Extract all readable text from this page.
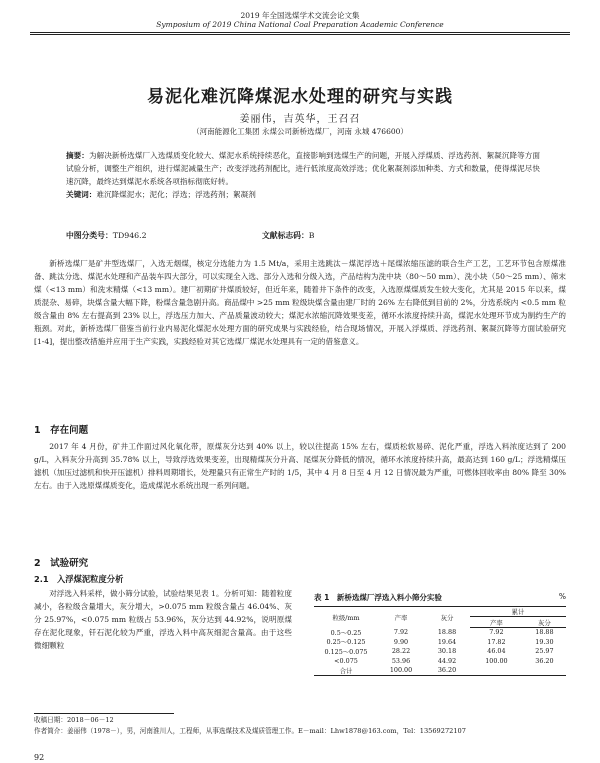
2019 年全国选煤学术交流会论文集
Symposium of 2019 China National Coal Preparation Academic Conference
易泥化难沉降煤泥水处理的研究与实践
姜丽伟，吉英华，王召召
（河南能源化工集团 永煤公司新桥选煤厂，河南 永城 476600）
摘要：为解决新桥选煤厂入选煤质变化较大、煤泥水系统持续恶化，直接影响到选煤生产的问题，开展入浮煤质、浮选药剂、絮凝沉降等方面试验分析，调整生产组织，进行煤泥减量生产；改变浮选药剂配比，进行低浓度高效浮选；优化絮凝剂添加种类、方式和数量，使得煤泥尽快速沉降，最终达到煤泥水系统各项指标彻底好转。
关键词：难沉降煤泥水；泥化；浮选；浮选药剂；絮凝剂
中图分类号：TD946.2	文献标志码：B
新桥选煤厂是矿井型选煤厂，入选无烟煤，核定分选能力为 1.5 Mt/a，采用主选跳汰－煤泥浮选＋尾煤浓缩压滤的联合生产工艺，工艺环节包含原煤准备、跳汰分选、煤泥水处理和产品装车四大部分，可以实现全入选、部分入选和分级入选，产品结构为洗中块（80～50 mm）、洗小块（50～25 mm）、筛末煤（<13 mm）和洗末精煤（<13 mm）。建厂初期矿井煤质较好，但近年来，随着井下条件的改变，入选原煤煤质发生较大变化，尤其是 2015 年以来，煤质混杂、易碎，块煤含量大幅下降，粉煤含量急剧升高。商品煤中 >25 mm 粒级块煤含量由建厂时的 26% 左右降低到目前的 2%，分选系统内 <0.5 mm 粒级含量由 8% 左右提高到 23% 以上，浮选压力加大、产品质量波动较大；煤泥水浓缩沉降效果变差，循环水浓度持续升高，煤泥水处理环节成为制约生产的瓶颈。对此，新桥选煤厂借鉴当前行业内易泥化煤泥水处理方面的研究成果与实践经验，结合现场情况，开展入浮煤质、浮选药剂、絮凝沉降等方面试验研究[1-4]，提出整改措施并应用于生产实践，实践经验对其它选煤厂煤泥水处理具有一定的借鉴意义。
1　存在问题
2017 年 4 月份，矿井工作面过风化氧化带，原煤灰分达到 40% 以上，较以往提高 15% 左右，煤质松软易碎、泥化严重，浮选入料浓度达到了 200 g/L，入料灰分升高到 35.78% 以上，导致浮选效果变差，出现精煤灰分升高、尾煤灰分降低的情况，循环水浓度持续升高，最高达到 160 g/L；浮选精煤压滤机（加压过滤机和快开压滤机）排料周期增长，处理量只有正常生产时的 1/5，其中 4 月 8 日至 4 月 12 日情况最为严重，可燃体回收率由 80% 降至 30% 左右。由于入选原煤煤质变化，造成煤泥水系统出现一系列问题。
2　试验研究
2.1　入浮煤泥粒度分析
对浮选入料采样，做小筛分试验，试验结果见表 1。分析可知：随着粒度减小，各粒级含量增大，灰分增大，>0.075 mm 粒级含量占 46.04%、灰分 25.97%，<0.075 mm 粒级占 53.96%，灰分达到 44.92%，说明原煤存在泥化现象，钎石泥化较为严重，浮选入料中高灰细泥含量高。由于这些微细颗粒
表 1　新桥选煤厂浮选入料小筛分实验	%
粒级/mm	产率	灰分	累计	
			产率	灰分
0.5～0.25	7.92	18.88	7.92	18.88
0.25～0.125	9.90	19.64	17.82	19.30
0.125～0.075	28.22	30.18	46.04	25.97
<0.075	53.96	44.92	100.00	36.20
合计	100.00	36.20		
收稿日期：2018－06－12
作者简介：姜丽伟（1978－），男，河南淮川人，工程师，从事选煤技术及煤质管理工作。E－mail：Lhw1878@163.com，Tel：13569272107
92
